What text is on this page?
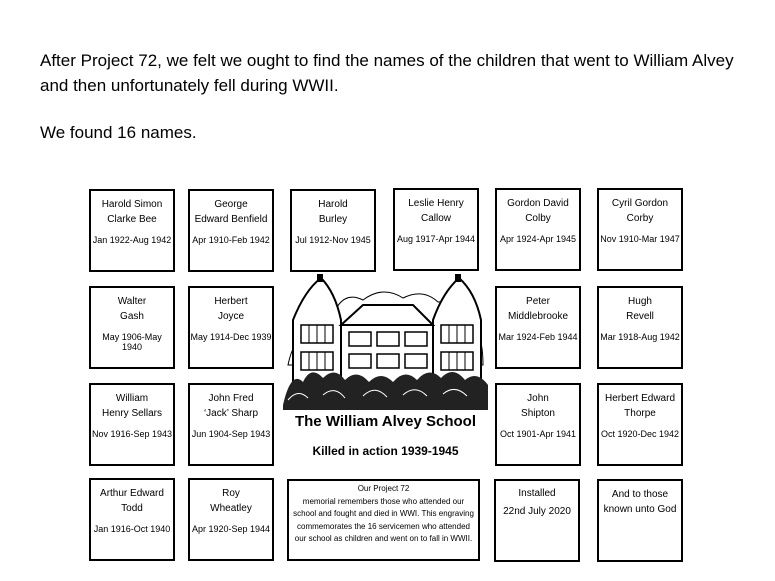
After Project 72, we felt we ought to find the names of the children that went to William Alvey and then unfortunately fell during WWII.

We found 16 names.

Harold Simon
Clarke Bee
Jan 1922-Aug 1942
George
Edward Benfield
Apr 1910-Feb 1942
Harold
Burley
Jul 1912-Nov 1945
Leslie Henry
Callow
Aug 1917-Apr 1944
Gordon David
Colby
Apr 1924-Apr 1945
Cyril Gordon
Corby
Nov 1910-Mar 1947
Walter
Gash
May 1906-May 1940
Herbert
Joyce
May 1914-Dec 1939
Peter
Middlebrooke
Mar 1924-Feb 1944
Hugh
Revell
Mar 1918-Aug 1942
William
Henry Sellars
Nov 1916-Sep 1943
John Fred
‘Jack’ Sharp
Jun 1904-Sep 1943
John
Shipton
Oct 1901-Apr 1941
Herbert Edward
Thorpe
Oct 1920-Dec 1942
Arthur Edward
Todd
Jan 1916-Oct 1940
Roy
Wheatley
Apr 1920-Sep 1944
The William Alvey School
Killed in action 1939-1945
Our Project 72
memorial remembers those who attended our school and fought and died in WWI. This engraving commemorates the 16 servicemen who attended our school as children and went on to fall in WWII.
Installed
22nd July 2020
And to those
known unto God
